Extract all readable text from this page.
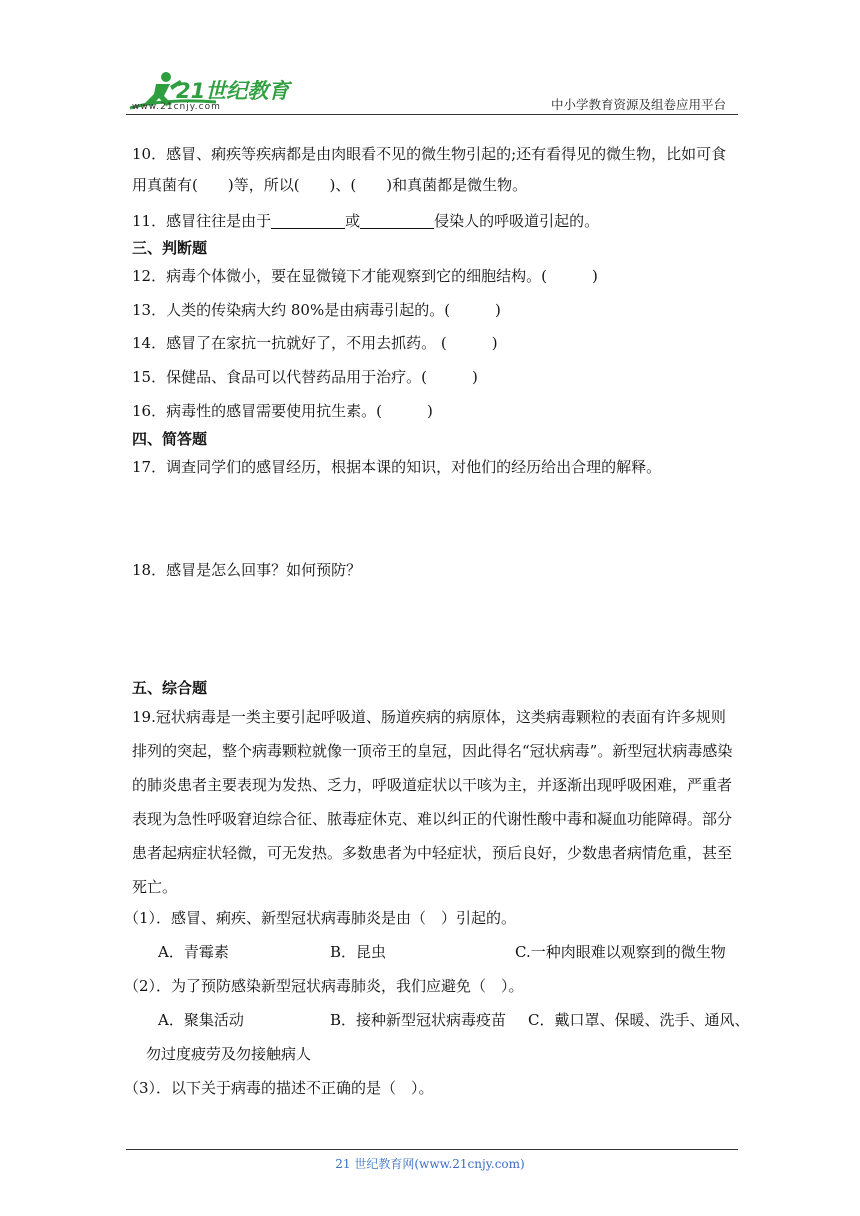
21世纪教育
www.21cnjy.com	中小学教育资源及组卷应用平台
10．感冒、痢疾等疾病都是由肉眼看不见的微生物引起的;还有看得见的微生物，比如可食
用真菌有(　　)等，所以(　　)、(　　)和真菌都是微生物。
11．感冒往往是由于	或	侵染人的呼吸道引起的。
三、判断题
12．病毒个体微小，要在显微镜下才能观察到它的细胞结构。(　　　)
13．人类的传染病大约 80%是由病毒引起的。(　　　)
14．感冒了在家抗一抗就好了，不用去抓药。 (　　　)
15．保健品、食品可以代替药品用于治疗。(　　　)
16．病毒性的感冒需要使用抗生素。(　　　)
四、简答题
17．调查同学们的感冒经历，根据本课的知识，对他们的经历给出合理的解释。
18．感冒是怎么回事？如何预防？
五、综合题
19.冠状病毒是一类主要引起呼吸道、肠道疾病的病原体，这类病毒颗粒的表面有许多规则
排列的突起，整个病毒颗粒就像一顶帝王的皇冠，因此得名“冠状病毒”。新型冠状病毒感染
的肺炎患者主要表现为发热、乏力，呼吸道症状以干咳为主，并逐渐出现呼吸困难，严重者
表现为急性呼吸窘迫综合征、脓毒症休克、难以纠正的代谢性酸中毒和凝血功能障碍。部分
患者起病症状轻微，可无发热。多数患者为中轻症状，预后良好，少数患者病情危重，甚至
死亡。
（1）．感冒、痢疾、新型冠状病毒肺炎是由（　）引起的。
A．青霉素	B．昆虫	C.一种肉眼难以观察到的微生物
（2）．为了预防感染新型冠状病毒肺炎，我们应避免（　）。
A．聚集活动	B．接种新型冠状病毒疫苗 C．戴口罩、保暖、洗手、通风、
勿过度疲劳及勿接触病人
（3）．以下关于病毒的描述不正确的是（　）。
21 世纪教育网(www.21cnjy.com)
